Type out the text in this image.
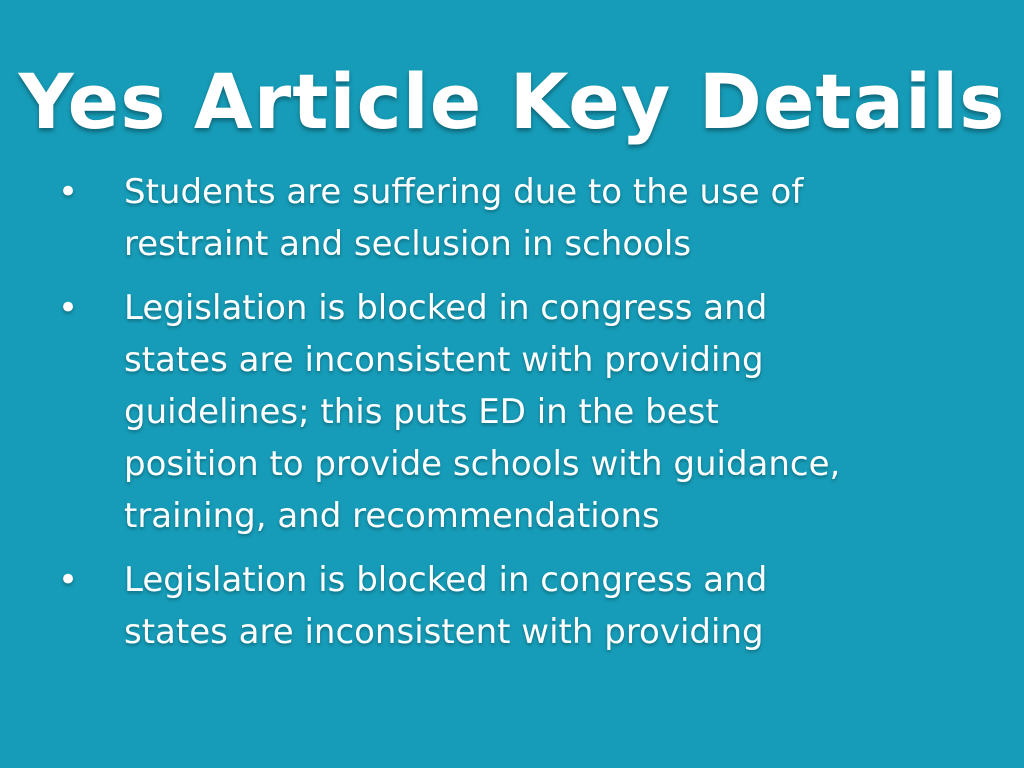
Yes Article Key Details
• Students are suffering due to the use of restraint and seclusion in schools
• Legislation is blocked in congress and states are inconsistent with providing guidelines; this puts ED in the best position to provide schools with guidance, training, and recommendations
• Legislation is blocked in congress and states are inconsistent with providing
